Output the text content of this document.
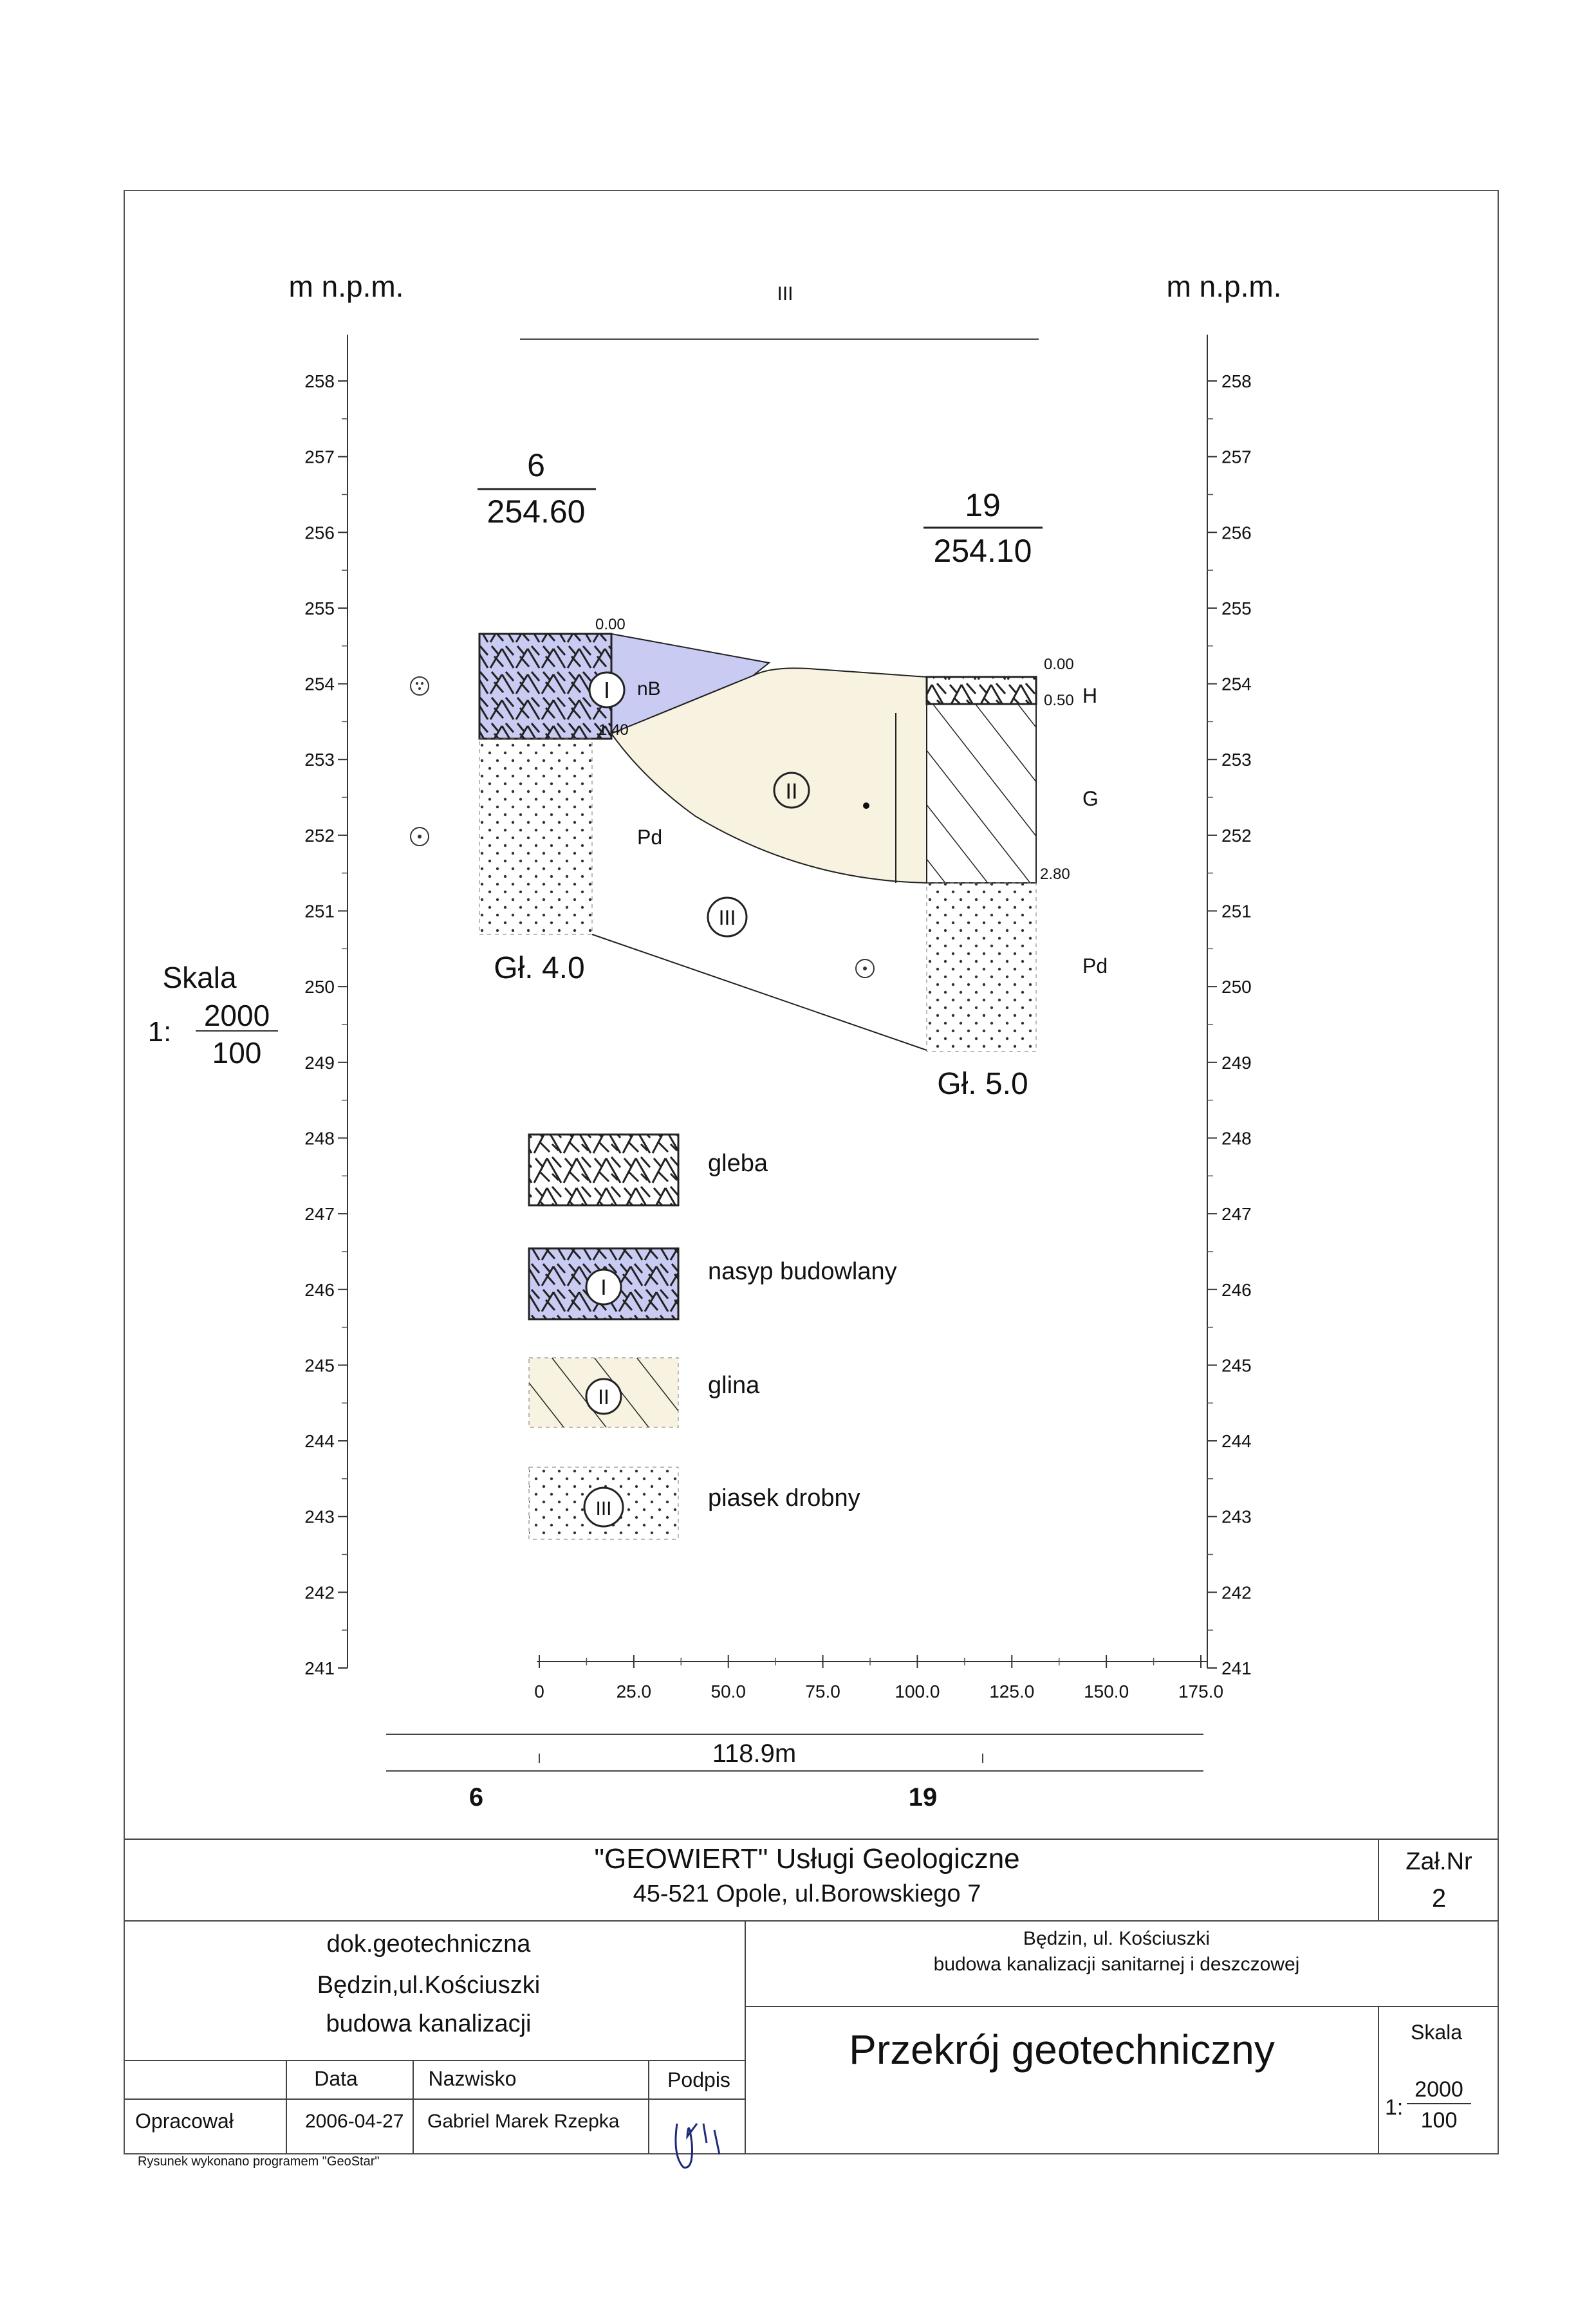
m n.p.m.	m n.p.m.
III
258
257
256
255
254
253
252
251
250
249
248
247
246
245
244
243
242
241
258
257
256
255
254
253
252
251
250
249
248
247
246
245
244
243
242
241
Skala
1: 2000
100
6
254.60	19
254.10
I nB
0.00
1.40
Pd
Gł. 4.0
0.00
0.50 H
G
2.80
Pd
Gł. 5.0
II
III
gleba
I
nasyp budowlany
II	glina
III	piasek drobny
0	25.0	50.0	75.0	100.0	125.0	150.0	175.0
118.9m
6	19
"GEOWIERT" Usługi Geologiczne
45-521 Opole, ul.Borowskiego 7
Zał.Nr
2
dok.geotechniczna
Będzin,ul.Kościuszki
budowa kanalizacji
Będzin, ul. Kościuszki
budowa kanalizacji sanitarnej i deszczowej
Przekrój geotechniczny	Skala
1:
2000
100
Data	Nazwisko	Podpis
Opracował	2006-04-27 Gabriel Marek Rzepka
Rysunek wykonano programem "GeoStar"
